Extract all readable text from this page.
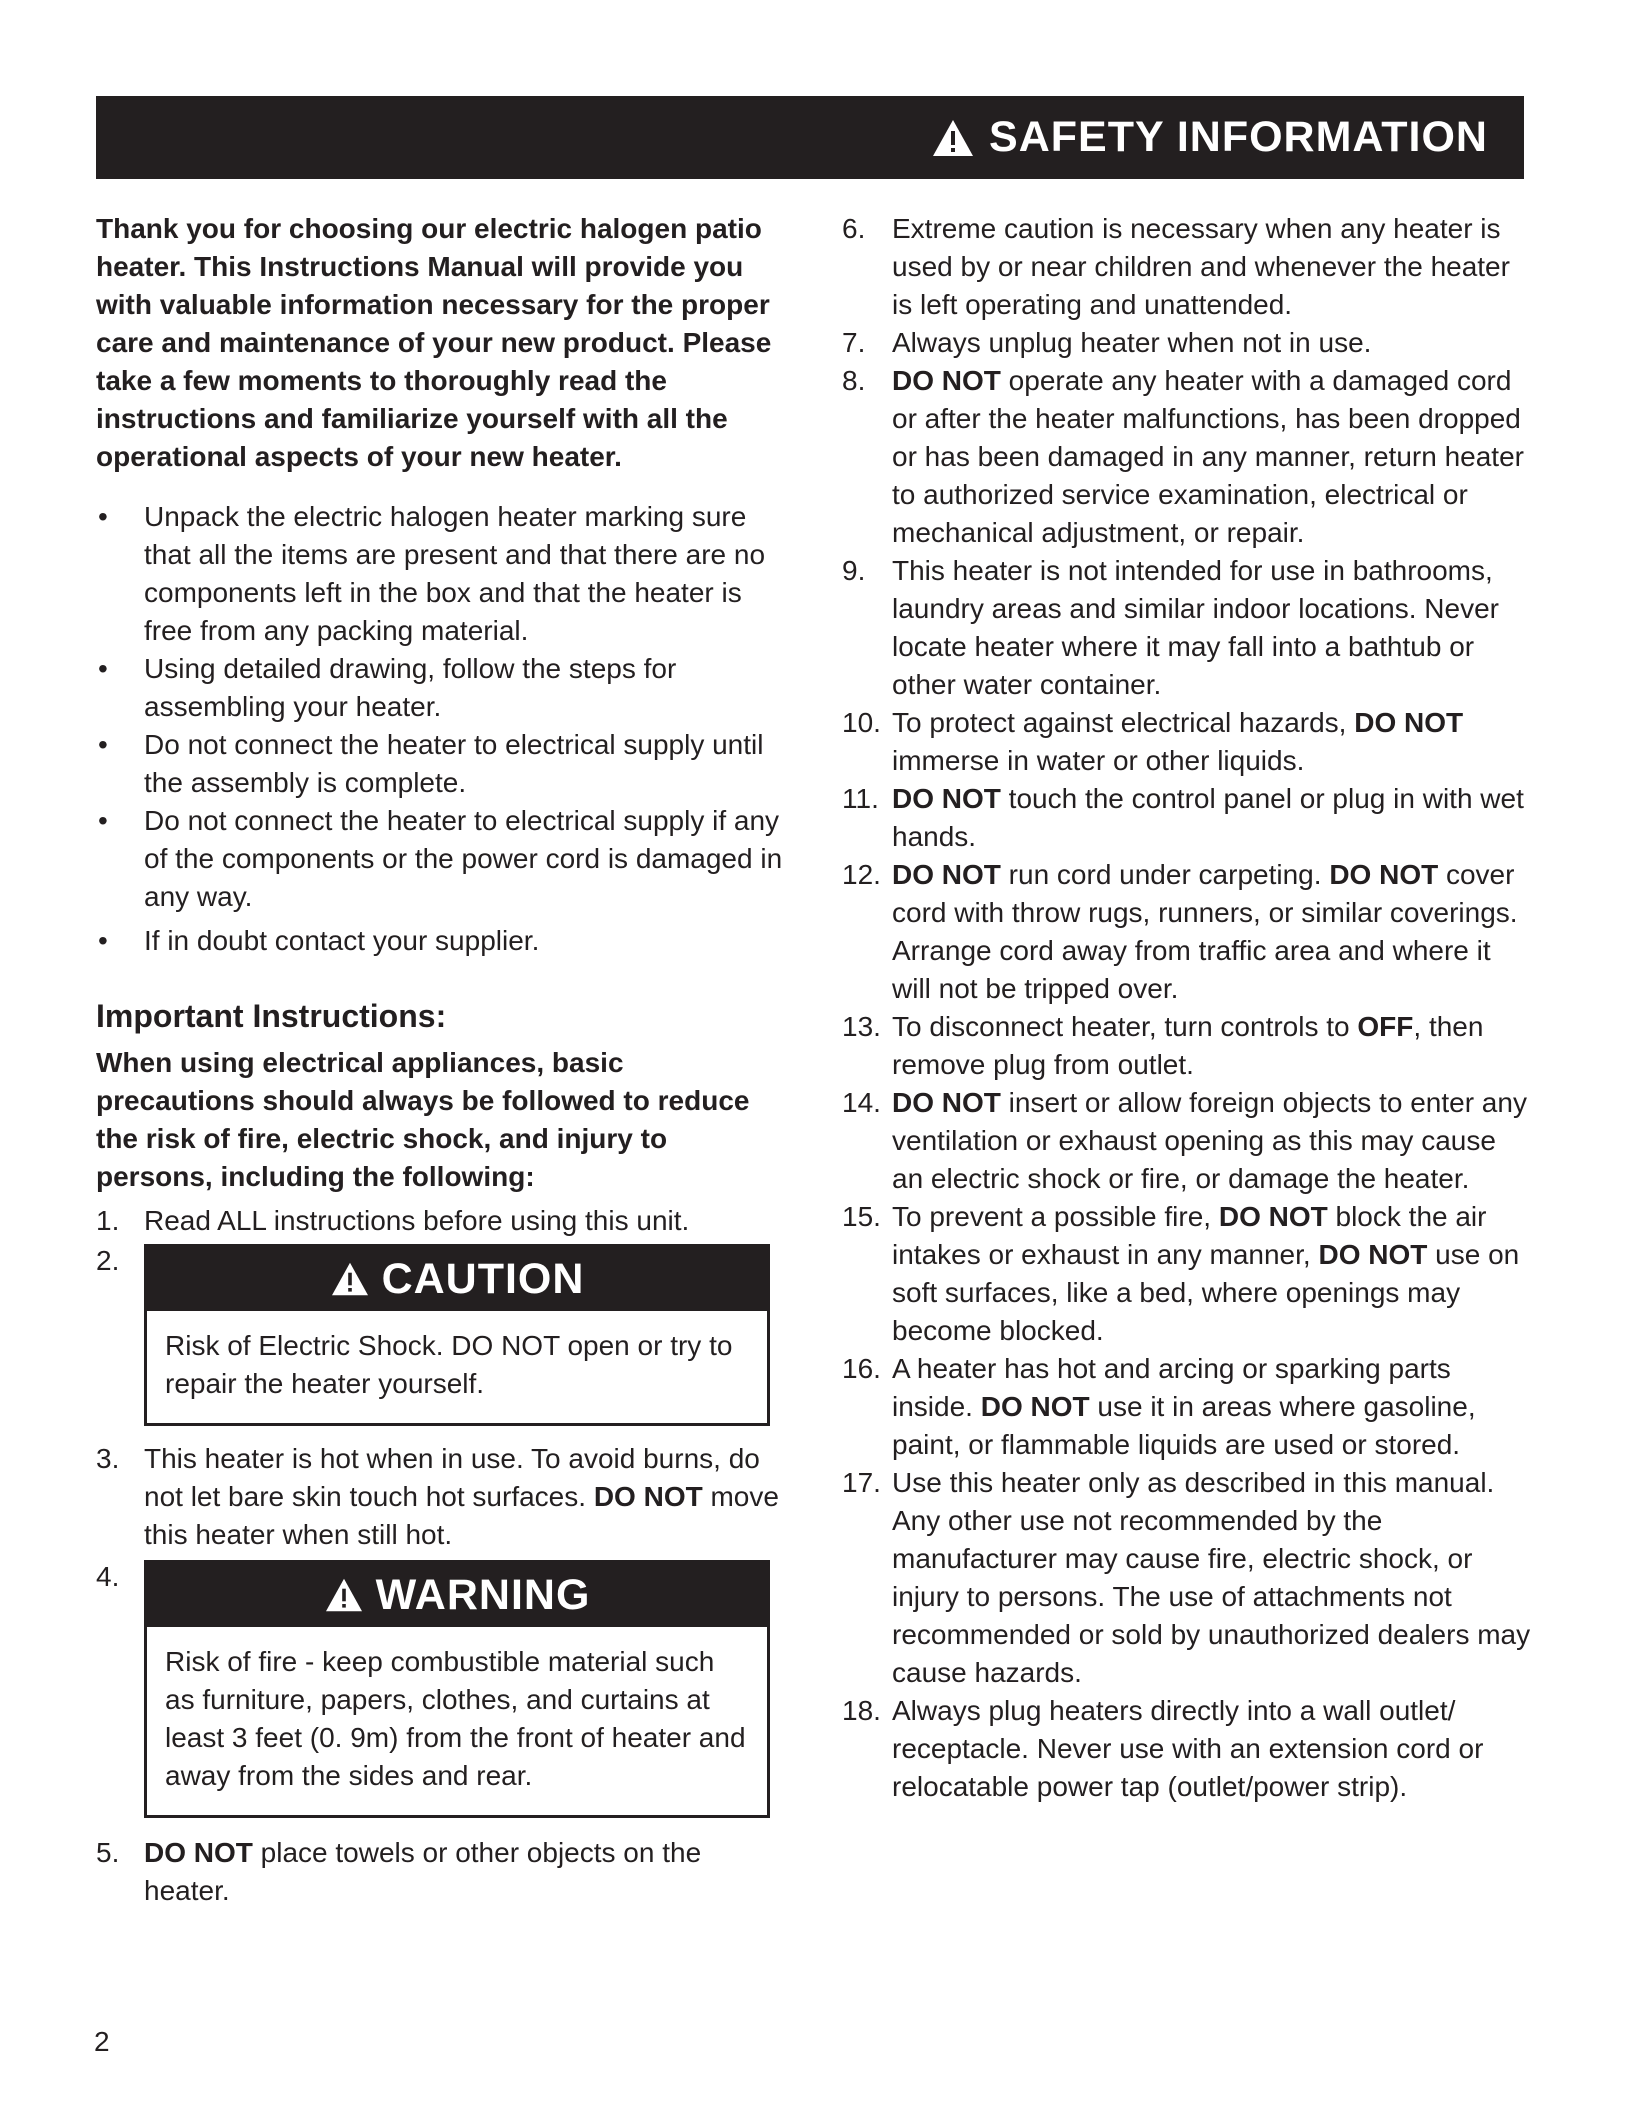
SAFETY INFORMATION

Thank you for choosing our electric halogen patio heater. This Instructions Manual will provide you with valuable information necessary for the proper care and maintenance of your new product. Please take a few moments to thoroughly read the instructions and familiarize yourself with all the operational aspects of your new heater.

•	Unpack the electric halogen heater marking sure that all the items are present and that there are no components left in the box and that the heater is free from any packing material.
•	Using detailed drawing, follow the steps for assembling your heater.
•	Do not connect the heater to electrical supply until the assembly is complete.
•	Do not connect the heater to electrical supply if any of the components or the power cord is damaged in any way.
•	If in doubt contact your supplier.
Important Instructions:

When using electrical appliances, basic precautions should always be followed to reduce the risk of fire, electric shock, and injury to persons, including the following:

1. Read ALL instructions before using this unit.
2.	CAUTION
Risk of Electric Shock. DO NOT open or try to repair the heater yourself.
3. This heater is hot when in use. To avoid burns, do not let bare skin touch hot surfaces. DO NOT move this heater when still hot.
4.	WARNING
Risk of fire - keep combustible material such as furniture, papers, clothes, and curtains at least 3 feet (0. 9m) from the front of heater and away from the sides and rear.
5. DO NOT place towels or other objects on the heater.
6. Extreme caution is necessary when any heater is used by or near children and whenever the heater is left operating and unattended.
7. Always unplug heater when not in use.
8. DO NOT operate any heater with a damaged cord or after the heater malfunctions, has been dropped or has been damaged in any manner, return heater to authorized service examination, electrical or mechanical adjustment, or repair.
9. This heater is not intended for use in bathrooms, laundry areas and similar indoor locations. Never locate heater where it may fall into a bathtub or other water container.
10. To protect against electrical hazards, DO NOT immerse in water or other liquids.
11. DO NOT touch the control panel or plug in with wet hands.
12. DO NOT run cord under carpeting. DO NOT cover cord with throw rugs, runners, or similar coverings. Arrange cord away from traffic area and where it will not be tripped over.
13. To disconnect heater, turn controls to OFF, then remove plug from outlet.
14. DO NOT insert or allow foreign objects to enter any ventilation or exhaust opening as this may cause an electric shock or fire, or damage the heater.
15. To prevent a possible fire, DO NOT block the air intakes or exhaust in any manner, DO NOT use on soft surfaces, like a bed, where openings may become blocked.
16. A heater has hot and arcing or sparking parts inside. DO NOT use it in areas where gasoline, paint, or flammable liquids are used or stored.
17. Use this heater only as described in this manual. Any other use not recommended by the manufacturer may cause fire, electric shock, or injury to persons. The use of attachments not recommended or sold by unauthorized dealers may cause hazards.
18. Always plug heaters directly into a wall outlet/ receptacle. Never use with an extension cord or relocatable power tap (outlet/power strip).
2
